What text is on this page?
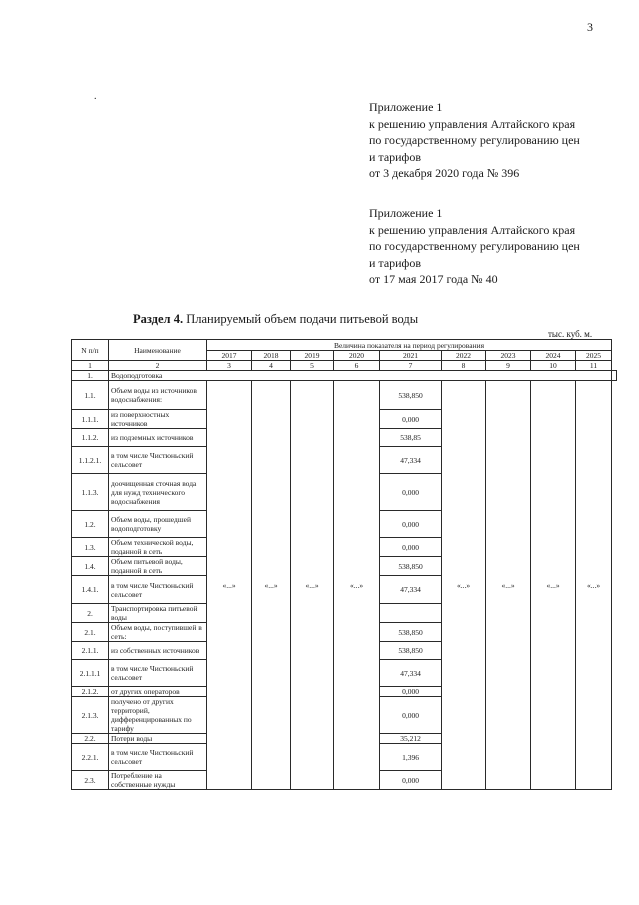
3
.
Приложение 1
к решению управления Алтайского края
по государственному регулированию цен
и тарифов
от 3 декабря 2020 года № 396
Приложение 1
к решению управления Алтайского края
по государственному регулированию цен
и тарифов
от 17 мая 2017 года № 40
Раздел 4. Планируемый объем подачи питьевой воды
тыс. куб. м.
N п/п	Наименование	Величина показателя на период регулирования									
		2017	2018	2019	2020	2021	2022	2023	2024	2025	
1	2	3	4	5	6	7	8	9	10	11	
1.	Водоподготовка										
1.1.	Объем воды из источников водоснабжения:	«...»	«...»	«...»	«...»	538,850	«...»	«...»	«...»	«...»	
1.1.1.	из поверхностных источников					0,000					
1.1.2.	из подземных источников					538,85					
1.1.2.1.	в том числе Чистюньский сельсовет					47,334					
1.1.3.	доочищенная сточная вода для нужд технического водоснабжения					0,000					
1.2.	Объем воды, прошедшей водоподготовку					0,000					
1.3.	Объем технической воды, поданной в сеть					0,000					
1.4.	Объем питьевой воды, поданной в сеть					538,850					
1.4.1.	в том числе Чистюньский сельсовет					47,334					
2.	Транспортировка питьевой воды										
2.1.	Объем воды, поступившей в сеть:					538,850					
2.1.1.	из собственных источников					538,850					
2.1.1.1	в том числе Чистюньский сельсовет					47,334					
2.1.2.	от других операторов					0,000					
2.1.3.	получено от других территорий, дифференцированных по тарифу					0,000					
2.2.	Потери воды					35,212					
2.2.1.	в том числе Чистюньский сельсовет					1,396					
2.3.	Потребление на собственные нужды					0,000					
